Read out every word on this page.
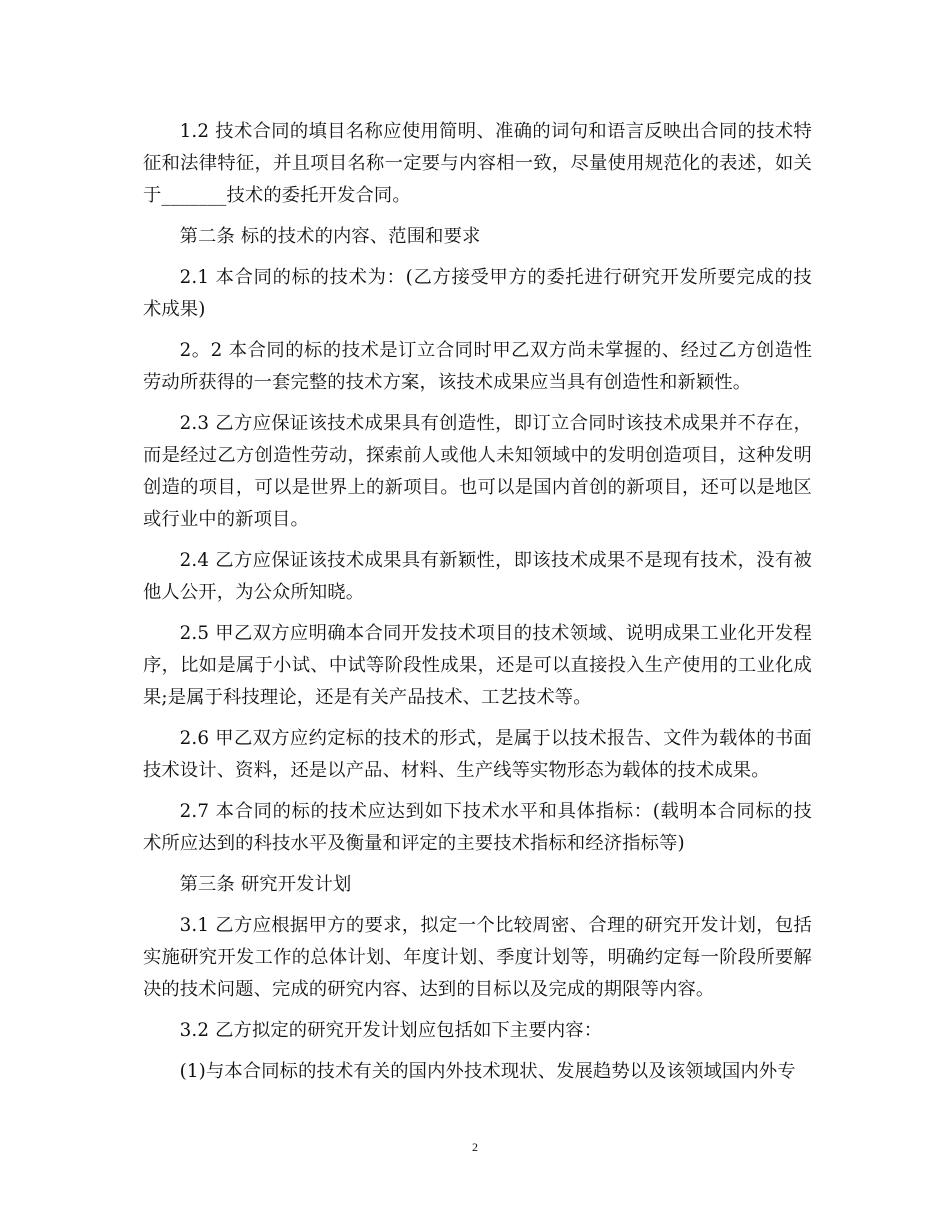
1.2 技术合同的填目名称应使用简明、准确的词句和语言反映出合同的技术特征和法律特征，并且项目名称一定要与内容相一致，尽量使用规范化的表述，如关于_______技术的委托开发合同。

第二条 标的技术的内容、范围和要求

2.1 本合同的标的技术为：(乙方接受甲方的委托进行研究开发所要完成的技术成果)

2。2 本合同的标的技术是订立合同时甲乙双方尚未掌握的、经过乙方创造性劳动所获得的一套完整的技术方案，该技术成果应当具有创造性和新颖性。

2.3 乙方应保证该技术成果具有创造性，即订立合同时该技术成果并不存在，而是经过乙方创造性劳动，探索前人或他人未知领域中的发明创造项目，这种发明创造的项目，可以是世界上的新项目。也可以是国内首创的新项目，还可以是地区或行业中的新项目。

2.4 乙方应保证该技术成果具有新颖性，即该技术成果不是现有技术，没有被他人公开，为公众所知晓。

2.5 甲乙双方应明确本合同开发技术项目的技术领域、说明成果工业化开发程序，比如是属于小试、中试等阶段性成果，还是可以直接投入生产使用的工业化成果;是属于科技理论，还是有关产品技术、工艺技术等。

2.6 甲乙双方应约定标的技术的形式，是属于以技术报告、文件为载体的书面技术设计、资料，还是以产品、材料、生产线等实物形态为载体的技术成果。

2.7 本合同的标的技术应达到如下技术水平和具体指标：(载明本合同标的技术所应达到的科技水平及衡量和评定的主要技术指标和经济指标等)

第三条 研究开发计划

3.1 乙方应根据甲方的要求，拟定一个比较周密、合理的研究开发计划，包括实施研究开发工作的总体计划、年度计划、季度计划等，明确约定每一阶段所要解决的技术问题、完成的研究内容、达到的目标以及完成的期限等内容。

3.2 乙方拟定的研究开发计划应包括如下主要内容：

(1)与本合同标的技术有关的国内外技术现状、发展趋势以及该领域国内外专

2
